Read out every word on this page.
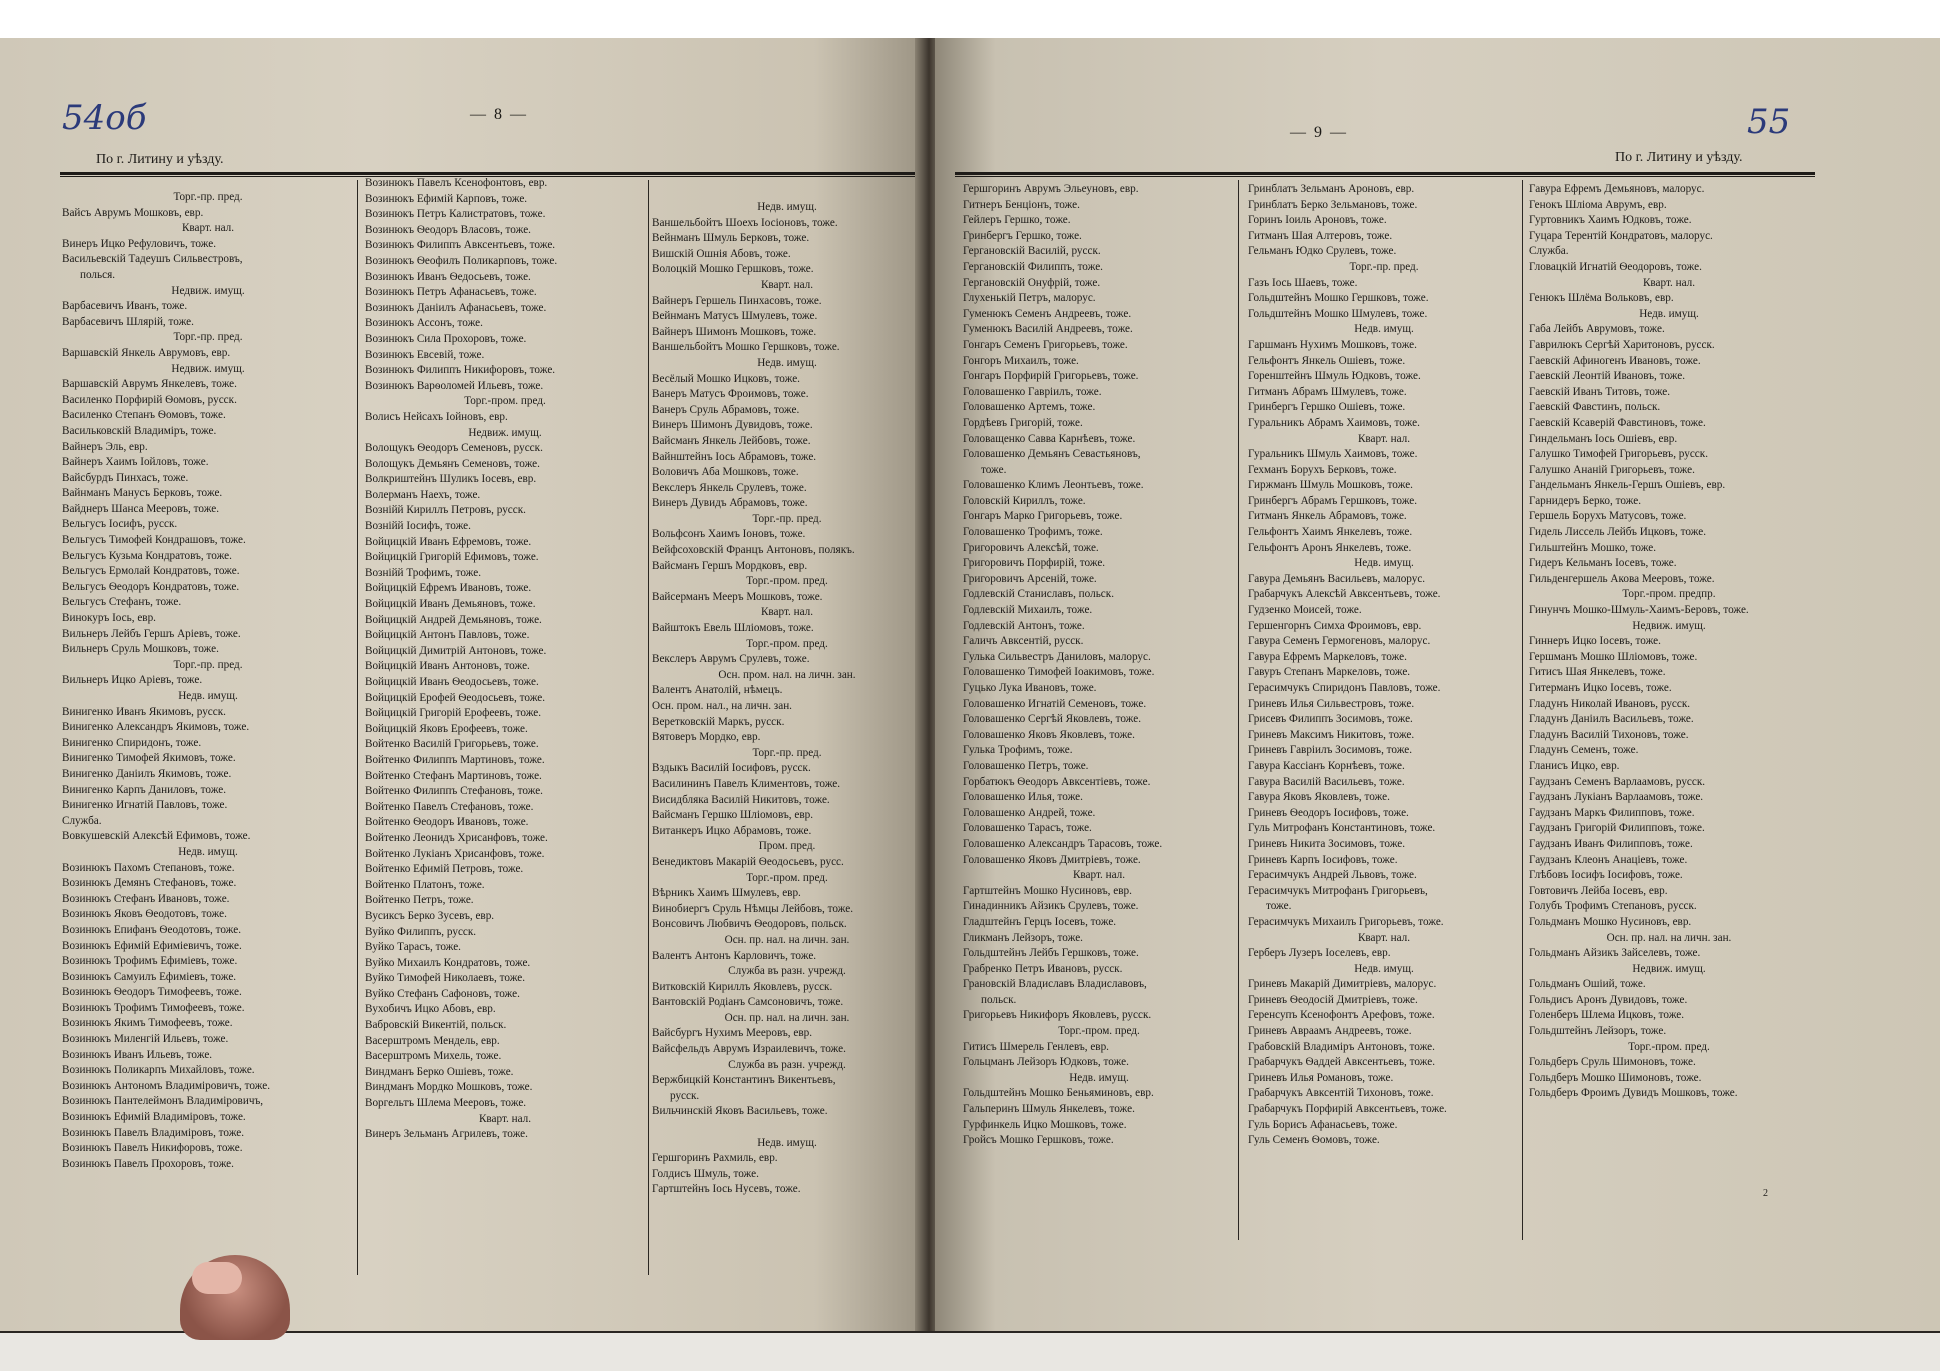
54об	— 8 —
По г. Литину и уѣзду.
Торг.-пр. пред.
Вайсъ Аврумъ Мошковъ, евр.
Кварт. нал.
Винеръ Ицко Рефуловичъ, тоже.
Васильевскій Тадеушъ Сильвестровъ,
полься.
Недвиж. имущ.
Варбасевичъ Иванъ, тоже.
Варбасевичъ Шлярій, тоже.
Торг.-пр. пред.
Варшавскій Янкель Аврумовъ, евр.
Недвиж. имущ.
Варшавскій Аврумъ Янкелевъ, тоже.
Василенко Порфирій Ѳомовъ, русск.
Василенко Степанъ Ѳомовъ, тоже.
Васильковскій Владиміръ, тоже.
Вайнеръ Эль, евр.
Вайнеръ Хаимъ Іойловъ, тоже.
Вайсбурдъ Пинхасъ, тоже.
Вайнманъ Манусъ Берковъ, тоже.
Вайднеръ Шанса Мееровъ, тоже.
Вельгусъ Іосифъ, русск.
Вельгусъ Тимофей Кондрашовъ, тоже.
Вельгусъ Кузьма Кондратовъ, тоже.
Вельгусъ Ермолай Кондратовъ, тоже.
Вельгусъ Ѳеодоръ Кондратовъ, тоже.
Вельгусъ Стефанъ, тоже.
Винокуръ Іось, евр.
Вильнеръ Лейбъ Гершъ Аріевъ, тоже.
Вильнеръ Сруль Мошковъ, тоже.
Торг.-пр. пред.
Вильнеръ Ицко Аріевъ, тоже.
Недв. имущ.
Винигенко Иванъ Якимовъ, русск.
Винигенко Александръ Якимовъ, тоже.
Винигенко Спиридонъ, тоже.
Винигенко Тимофей Якимовъ, тоже.
Винигенко Даніилъ Якимовъ, тоже.
Винигенко Карпъ Даниловъ, тоже.
Винигенко Игнатій Павловъ, тоже.
Служба.
Вовкушевскій Алексѣй Ефимовъ, тоже.
Недв. имущ.
Возинюкъ Пахомъ Степановъ, тоже.
Возинюкъ Демянъ Стефановъ, тоже.
Возинюкъ Стефанъ Ивановъ, тоже.
Возинюкъ Яковъ Ѳеодотовъ, тоже.
Возинюкъ Епифанъ Ѳеодотовъ, тоже.
Возинюкъ Ефимій Ефиміевичъ, тоже.
Возинюкъ Трофимъ Ефиміевъ, тоже.
Возинюкъ Самуилъ Ефиміевъ, тоже.
Возинюкъ Ѳеодоръ Тимофеевъ, тоже.
Возинюкъ Трофимъ Тимофеевъ, тоже.
Возинюкъ Якимъ Тимофеевъ, тоже.
Возинюкъ Миленгій Ильевъ, тоже.
Возинюкъ Иванъ Ильевъ, тоже.
Возинюкъ Поликарпъ Михайловъ, тоже.
Возинюкъ Антономъ Владиміровичъ, тоже.
Возинюкъ Пантелеймонъ Владиміровичъ,
Возинюкъ Ефимій Владиміровъ, тоже.
Возинюкъ Павелъ Владиміровъ, тоже.
Возинюкъ Павелъ Никифоровъ, тоже.
Возинюкъ Павелъ Прохоровъ, тоже.
Возинюкъ Павелъ Ксенофонтовъ, евр.
Возинюкъ Ефимій Карповъ, тоже.
Возинюкъ Петръ Калистратовъ, тоже.
Возинюкъ Ѳеодоръ Власовъ, тоже.
Возинюкъ Филиппъ Авксентьевъ, тоже.
Возинюкъ Ѳеофилъ Поликарповъ, тоже.
Возинюкъ Иванъ Ѳедосьевъ, тоже.
Возинюкъ Петръ Афанасьевъ, тоже.
Возинюкъ Даніилъ Афанасьевъ, тоже.
Возинюкъ Ассонъ, тоже.
Возинюкъ Сила Прохоровъ, тоже.
Возинюкъ Евсевій, тоже.
Возинюкъ Филиппъ Никифоровъ, тоже.
Возинюкъ Варѳоломей Ильевъ, тоже.
Торг.-пром. пред.
Волисъ Нейсахъ Іойновъ, евр.
Недвиж. имущ.
Волощукъ Ѳеодоръ Семеновъ, русск.
Волощукъ Демьянъ Семеновъ, тоже.
Волкриштейнъ Шуликъ Іосевъ, евр.
Волерманъ Наехъ, тоже.
Вознійй Кириллъ Петровъ, русск.
Вознійй Іосифъ, тоже.
Войцицкій Иванъ Ефремовъ, тоже.
Войцицкій Григорій Ефимовъ, тоже.
Вознійй Трофимъ, тоже.
Войцицкій Ефремъ Ивановъ, тоже.
Войцицкій Иванъ Демьяновъ, тоже.
Войцицкій Андрей Демьяновъ, тоже.
Войцицкій Антонъ Павловъ, тоже.
Войцицкій Димитрій Антоновъ, тоже.
Войцицкій Иванъ Антоновъ, тоже.
Войцицкій Иванъ Ѳеодосьевъ, тоже.
Войцицкій Ерофей Ѳеодосьевъ, тоже.
Войцицкій Григорій Ерофеевъ, тоже.
Войцицкій Яковъ Ерофеевъ, тоже.
Войтенко Василій Григорьевъ, тоже.
Войтенко Филиппъ Мартиновъ, тоже.
Войтенко Стефанъ Мартиновъ, тоже.
Войтенко Филиппъ Стефановъ, тоже.
Войтенко Павелъ Стефановъ, тоже.
Войтенко Ѳеодоръ Ивановъ, тоже.
Войтенко Леонидъ Хрисанфовъ, тоже.
Войтенко Лукіанъ Хрисанфовъ, тоже.
Войтенко Ефимій Петровъ, тоже.
Войтенко Платонъ, тоже.
Войтенко Петръ, тоже.
Вусиксъ Берко Зусевъ, евр.
Вуйко Филиппъ, русск.
Вуйко Тарасъ, тоже.
Вуйко Михаилъ Кондратовъ, тоже.
Вуйко Тимофей Николаевъ, тоже.
Вуйко Стефанъ Сафоновъ, тоже.
Вухобичъ Ицко Абовъ, евр.
Вабровскій Викентій, польск.
Васерштромъ Мендель, евр.
Васерштромъ Михель, тоже.
Виндманъ Берко Ошіевъ, тоже.
Виндманъ Мордко Мошковъ, тоже.
Воргельтъ Шлема Мееровъ, тоже.
Кварт. нал.
Винеръ Зельманъ Агрилевъ, тоже.
Недв. имущ.
Ваншельбойтъ Шоехъ Іосіоновъ, тоже.
Вейнманъ Шмуль Берковъ, тоже.
Вишскій Ошнія Абовъ, тоже.
Волоцкій Мошко Гершковъ, тоже.
Кварт. нал.
Вайнеръ Гершель Пинхасовъ, тоже.
Вейнманъ Матусъ Шмулевъ, тоже.
Вайнеръ Шимонъ Мошковъ, тоже.
Ваншельбойтъ Мошко Гершковъ, тоже.
Недв. имущ.
Весёлый Мошко Ицковъ, тоже.
Ванеръ Матусъ Фроимовъ, тоже.
Ванеръ Сруль Абрамовъ, тоже.
Винеръ Шимонъ Дувидовъ, тоже.
Вайсманъ Янкель Лейбовъ, тоже.
Вайнштейнъ Іось Абрамовъ, тоже.
Воловичъ Аба Мошковъ, тоже.
Векслеръ Янкель Срулевъ, тоже.
Винеръ Дувидъ Абрамовъ, тоже.
Торг.-пр. пред.
Вольфсонъ Хаимъ Іоновъ, тоже.
Вейфсоховскій Францъ Антоновъ, полякъ.
Вайсманъ Гершъ Мордковъ, евр.
Торг.-пром. пред.
Вайсерманъ Мееръ Мошковъ, тоже.
Кварт. нал.
Вайштокъ Евель Шліомовъ, тоже.
Торг.-пром. пред.
Векслеръ Аврумъ Срулевъ, тоже.
Осн. пром. нал. на личн. зан.
Валентъ Анатолій, нѣмецъ.
Осн. пром. нал., на личн. зан.
Веретковскій Маркъ, русск.
Вятоверъ Мордко, евр.
Торг.-пр. пред.
Вздыкъ Василій Іосифовъ, русск.
Василининъ Павелъ Климентовъ, тоже.
Висидбляка Василій Никитовъ, тоже.
Вайсманъ Гершко Шліомовъ, евр.
Витанкеръ Ицко Абрамовъ, тоже.
Пром. пред.
Венедиктовъ Макарій Ѳеодосьевъ, русс.
Торг.-пром. пред.
Вѣрникъ Хаимъ Шмулевъ, евр.
Винобиергъ Сруль Нѣмцы Лейбовъ, тоже.
Вонсовичъ Любвичъ Ѳеодоровъ, польск.
Осн. пр. нал. на личн. зан.
Валентъ Антонъ Карловичъ, тоже.
Служба въ разн. учрежд.
Витковскій Кириллъ Яковлевъ, русск.
Вантовскій Родіанъ Самсоновичъ, тоже.
Осн. пр. нал. на личн. зан.
Вайсбургъ Нухимъ Мееровъ, евр.
Вайсфельдъ Аврумъ Израилевичъ, тоже.
Служба въ разн. учрежд.
Вержбицкій Константинъ Викентьевъ,
русск.
Вильчинскій Яковъ Васильевъ, тоже.

Недв. имущ.
Гершгоринъ Рахмиль, евр.
Голдисъ Шмуль, тоже.
Гартштейнъ Іось Нусевъ, тоже.
55
— 9 —
По г. Литину и уѣзду.
Гершгоринъ Аврумъ Эльеуновъ, евр.
Гитнеръ Бенціонъ, тоже.
Гейлеръ Гершко, тоже.
Гринбергъ Гершко, тоже.
Гергановскій Василій, русск.
Гергановскій Филиппъ, тоже.
Гергановскій Онуфрій, тоже.
Глухенькій Петръ, малорус.
Гуменюкъ Семенъ Андреевъ, тоже.
Гуменюкъ Василій Андреевъ, тоже.
Гонгаръ Семенъ Григорьевъ, тоже.
Гонгоръ Михаилъ, тоже.
Гонгаръ Порфирій Григорьевъ, тоже.
Головашенко Гавріилъ, тоже.
Головашенко Артемъ, тоже.
Гордѣевъ Григорій, тоже.
Головащенко Савва Карнѣевъ, тоже.
Головашенко Демьянъ Севастьяновъ,
тоже.
Головашенко Климъ Леонтьевъ, тоже.
Головскій Кириллъ, тоже.
Гонгаръ Марко Григорьевъ, тоже.
Головашенко Трофимъ, тоже.
Григоровичъ Алексѣй, тоже.
Григоровичъ Порфирій, тоже.
Григоровичъ Арсеній, тоже.
Годлевскій Станиславъ, польск.
Годлевскій Михаилъ, тоже.
Годлевскій Антонъ, тоже.
Галичъ Авксентій, русск.
Гулька Сильвестръ Даниловъ, малорус.
Головашенко Тимофей Іоакимовъ, тоже.
Гуцько Лука Ивановъ, тоже.
Головашенко Игнатій Семеновъ, тоже.
Головашенко Сергѣй Яковлевъ, тоже.
Головашенко Яковъ Яковлевъ, тоже.
Гулька Трофимъ, тоже.
Головашенко Петръ, тоже.
Горбатюкъ Ѳеодоръ Авксентіевъ, тоже.
Головашенко Илья, тоже.
Головашенко Андрей, тоже.
Головашенко Тарасъ, тоже.
Головашенко Александръ Тарасовъ, тоже.
Головашенко Яковъ Дмитріевъ, тоже.
Кварт. нал.
Гартштейнъ Мошко Нусиновъ, евр.
Гинадинникъ Айзикъ Срулевъ, тоже.
Гладштейнъ Герцъ Іосевъ, тоже.
Гликманъ Лейзоръ, тоже.
Гольдштейнъ Лейбъ Гершковъ, тоже.
Грабренко Петръ Ивановъ, русск.
Грановскій Владиславъ Владиславовъ,
польск.
Григорьевъ Никифоръ Яковлевъ, русск.
Торг.-пром. пред.
Гитисъ Шмерель Генлевъ, евр.
Гольцманъ Лейзоръ Юдковъ, тоже.
Недв. имущ.
Гольдштейнъ Мошко Беньяминовъ, евр.
Гальперинъ Шмуль Янкелевъ, тоже.
Гурфинкель Ицко Мошковъ, тоже.
Гройсъ Мошко Гершковъ, тоже.
Гринблатъ Зельманъ Ароновъ, евр.
Гринблатъ Берко Зельмановъ, тоже.
Горинъ Іоиль Ароновъ, тоже.
Гитманъ Шая Алтеровъ, тоже.
Гельманъ Юдко Срулевъ, тоже.
Торг.-пр. пред.
Газъ Іось Шаевъ, тоже.
Гольдштейнъ Мошко Гершковъ, тоже.
Гольдштейнъ Мошко Шмулевъ, тоже.
Недв. имущ.
Гаршманъ Нухимъ Мошковъ, тоже.
Гельфонтъ Янкель Ошіевъ, тоже.
Горенштейнъ Шмуль Юдковъ, тоже.
Гитманъ Абрамъ Шмулевъ, тоже.
Гринбергъ Гершко Ошіевъ, тоже.
Гуральникъ Абрамъ Хаимовъ, тоже.
Кварт. нал.
Гуральникъ Шмуль Хаимовъ, тоже.
Гехманъ Борухъ Берковъ, тоже.
Гиржманъ Шмуль Мошковъ, тоже.
Гринбергъ Абрамъ Гершковъ, тоже.
Гитманъ Янкель Абрамовъ, тоже.
Гельфонтъ Хаимъ Янкелевъ, тоже.
Гельфонтъ Аронъ Янкелевъ, тоже.
Недв. имущ.
Гавура Демьянъ Васильевъ, малорус.
Грабарчукъ Алексѣй Авксентьевъ, тоже.
Гудзенко Моисей, тоже.
Гершенгорнъ Симха Фроимовъ, евр.
Гавура Семенъ Гермогеновъ, малорус.
Гавура Ефремъ Маркеловъ, тоже.
Гавуръ Степанъ Маркеловъ, тоже.
Герасимчукъ Спиридонъ Павловъ, тоже.
Гриневъ Илья Сильвестровъ, тоже.
Грисевъ Филиппъ Зосимовъ, тоже.
Гриневъ Максимъ Никитовъ, тоже.
Гриневъ Гавріилъ Зосимовъ, тоже.
Гавура Кассіанъ Корнѣевъ, тоже.
Гавура Василій Васильевъ, тоже.
Гавура Яковъ Яковлевъ, тоже.
Гриневъ Ѳеодоръ Іосифовъ, тоже.
Гуль Митрофанъ Константиновъ, тоже.
Гриневъ Никита Зосимовъ, тоже.
Гриневъ Карпъ Іосифовъ, тоже.
Герасимчукъ Андрей Львовъ, тоже.
Герасимчукъ Митрофанъ Григорьевъ,
тоже.
Герасимчукъ Михаилъ Григорьевъ, тоже.
Кварт. нал.
Герберъ Лузеръ Іоселевъ, евр.
Недв. имущ.
Гриневъ Макарій Димитріевъ, малорус.
Гриневъ Ѳеодосій Дмитріевъ, тоже.
Геренсупъ Ксенофонтъ Арефовъ, тоже.
Гриневъ Авраамъ Андреевъ, тоже.
Грабовскій Владиміръ Антоновъ, тоже.
Грабарчукъ Ѳаддей Авксентьевъ, тоже.
Гриневъ Илья Романовъ, тоже.
Грабарчукъ Авксентій Тихоновъ, тоже.
Грабарчукъ Порфирій Авксентьевъ, тоже.
Гуль Борисъ Афанасьевъ, тоже.
Гуль Семенъ Ѳомовъ, тоже.
Гавура Ефремъ Демьяновъ, малорус.
Генокъ Шліома Аврумъ, евр.
Гуртовникъ Хаимъ Юдковъ, тоже.
Гуцара Терентій Кондратовъ, малорус.
Служба.
Гловацкій Игнатій Ѳеодоровъ, тоже.
Кварт. нал.
Генюкъ Шлёма Вольковъ, евр.
Недв. имущ.
Габа Лейбъ Аврумовъ, тоже.
Гаврилюкъ Сергѣй Харитоновъ, русск.
Гаевскій Афиногенъ Ивановъ, тоже.
Гаевскій Леонтій Ивановъ, тоже.
Гаевскій Иванъ Титовъ, тоже.
Гаевскій Фавстинъ, польск.
Гаевскій Ксаверій Фавстиновъ, тоже.
Гиндельманъ Іось Ошіевъ, евр.
Галушко Тимофей Григорьевъ, русск.
Галушко Ананій Григорьевъ, тоже.
Гандельманъ Янкель-Гершъ Ошіевъ, евр.
Гарнидеръ Берко, тоже.
Гершель Борухъ Матусовъ, тоже.
Гидель Лиссель Лейбъ Ицковъ, тоже.
Гильштейнъ Мошко, тоже.
Гидеръ Кельманъ Іосевъ, тоже.
Гильденгершель Акова Мееровъ, тоже.
Торг.-пром. предпр.
Гинунчъ Мошко-Шмуль-Хаимъ-Беровъ, тоже.
Недвиж. имущ.
Гиннеръ Ицко Іосевъ, тоже.
Гершманъ Мошко Шліомовъ, тоже.
Гитисъ Шая Янкелевъ, тоже.
Гитерманъ Ицко Іосевъ, тоже.
Гладунъ Николай Ивановъ, русск.
Гладунъ Даніилъ Васильевъ, тоже.
Гладунъ Василій Тихоновъ, тоже.
Гладунъ Семенъ, тоже.
Гланисъ Ицко, евр.
Гаудзанъ Семенъ Варлаамовъ, русск.
Гаудзанъ Лукіанъ Варлаамовъ, тоже.
Гаудзанъ Маркъ Филипповъ, тоже.
Гаудзанъ Григорій Филипповъ, тоже.
Гаудзанъ Иванъ Филипповъ, тоже.
Гаудзанъ Клеонъ Анаціевъ, тоже.
Глѣбовъ Іосифъ Іосифовъ, тоже.
Говтовичъ Лейба Іосевъ, евр.
Голубъ Трофимъ Степановъ, русск.
Гольдманъ Мошко Нусиновъ, евр.
Осн. пр. нал. на личн. зан.
Гольдманъ Айзикъ Зайселевъ, тоже.
Недвиж. имущ.
Гольдманъ Ошіий, тоже.
Гольдисъ Аронъ Дувидовъ, тоже.
Голенберъ Шлема Ицковъ, тоже.
Гольдштейнъ Лейзоръ, тоже.
Торг.-пром. пред.
Гольдберъ Сруль Шимоновъ, тоже.
Гольдберъ Мошко Шимоновъ, тоже.
Гольдберъ Фроимъ Дувидъ Мошковъ, тоже.
2
